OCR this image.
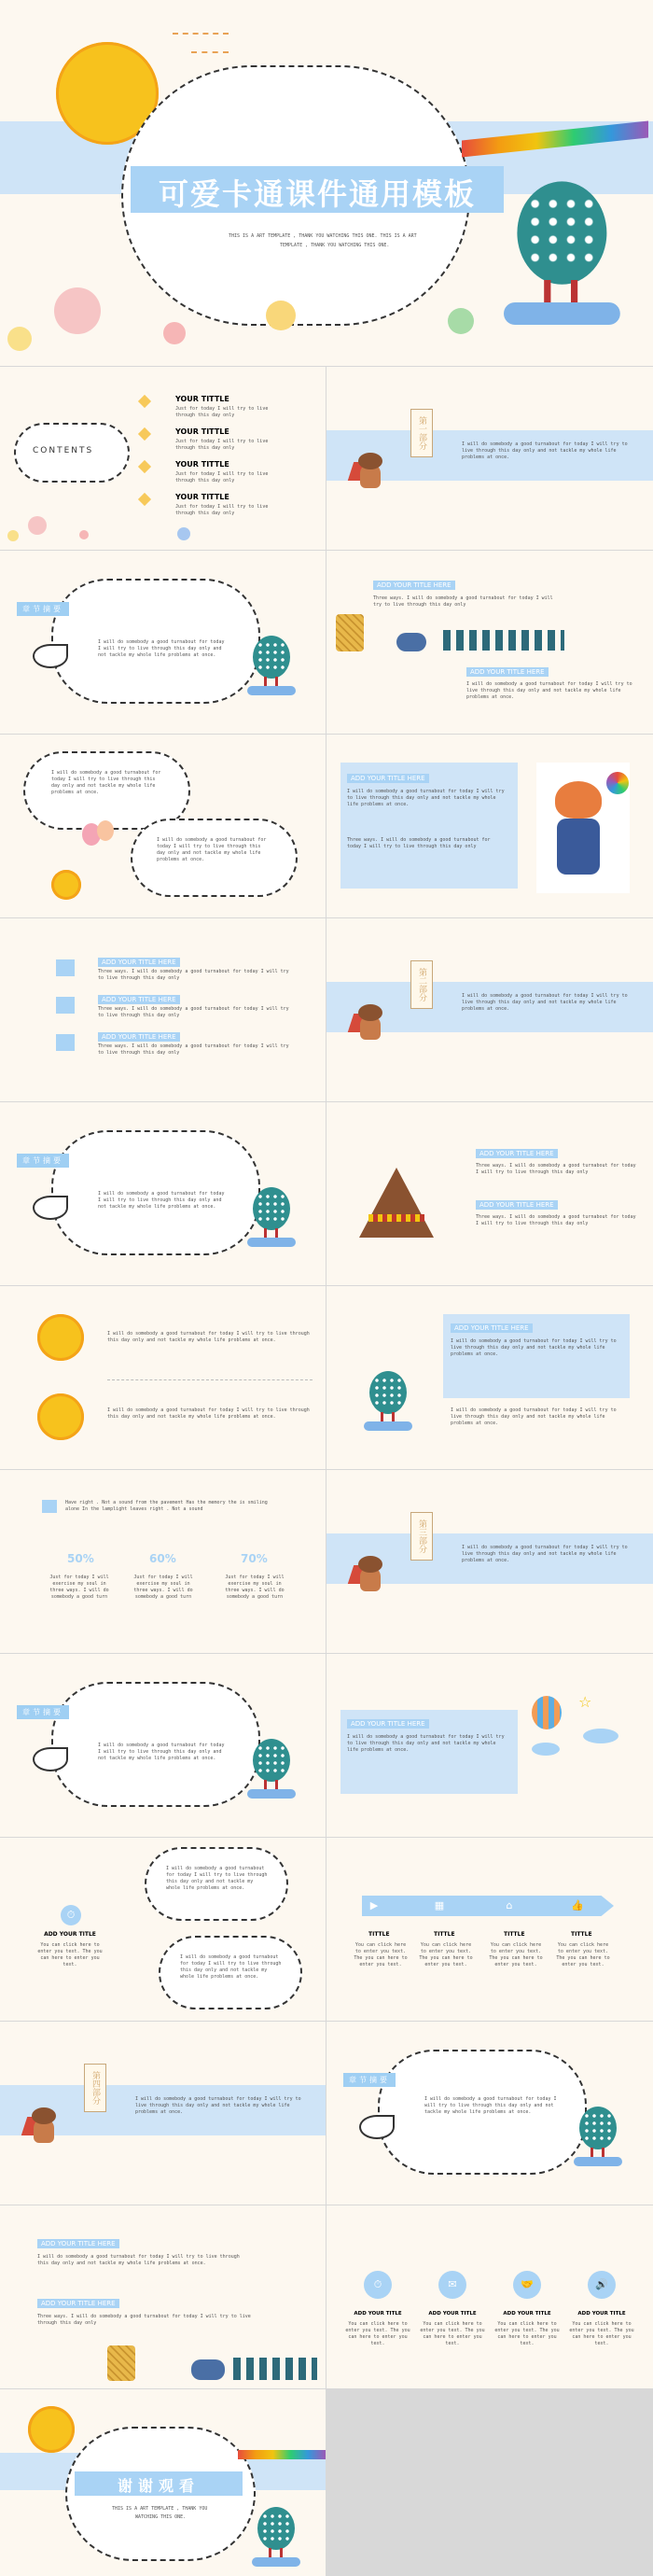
可爱卡通课件通用模板
THIS IS A ART TEMPLATE , THANK YOU WATCHING THIS ONE. THIS IS A ART
TEMPLATE , THANK YOU WATCHING THIS ONE.
CONTENTS
YOUR TITTLE
Just for today I will try to live through this day only
YOUR TITTLE
Just for today I will try to live through this day only
YOUR TITTLE
Just for today I will try to live through this day only
YOUR TITTLE
Just for today I will try to live through this day only
第一部分	I will do somebody a good turnabout for today I will try to live through this day only and not tackle my whole life problems at once.
章节摘要
I will do somebody a good turnabout for today I will try to live through this day only and not tackle my whole life problems at once.
ADD YOUR TITLE HERE
Three ways. I will do somebody a good turnabout for today I will try to live through this day only
ADD YOUR TITLE HERE
I will do somebody a good turnabout for today I will try to live through this day only and not tackle my whole life problems at once.
I will do somebody a good turnabout for today I will try to live through this day only and not tackle my whole life problems at once.
I will do somebody a good turnabout for today I will try to live through this day only and not tackle my whole life problems at once.
ADD YOUR TITLE HERE
I will do somebody a good turnabout for today I will try to live through this day only and not tackle my whole life problems at once.
Three ways. I will do somebody a good turnabout for today I will try to live through this day only
ADD YOUR TITLE HERE
Three ways. I will do somebody a good turnabout for today I will try to live through this day only
ADD YOUR TITLE HERE
Three ways. I will do somebody a good turnabout for today I will try to live through this day only
ADD YOUR TITLE HERE
Three ways. I will do somebody a good turnabout for today I will try to live through this day only
第二部分	I will do somebody a good turnabout for today I will try to live through this day only and not tackle my whole life problems at once.
章节摘要
I will do somebody a good turnabout for today I will try to live through this day only and not tackle my whole life problems at once.
ADD YOUR TITLE HERE
Three ways. I will do somebody a good turnabout for today I will try to live through this day only
ADD YOUR TITLE HERE
Three ways. I will do somebody a good turnabout for today I will try to live through this day only
I will do somebody a good turnabout for today I will try to live through this day only and not tackle my whole life problems at once.
I will do somebody a good turnabout for today I will try to live through this day only and not tackle my whole life problems at once.
ADD YOUR TITLE HERE
I will do somebody a good turnabout for today I will try to live through this day only and not tackle my whole life problems at once.
I will do somebody a good turnabout for today I will try to live through this day only and not tackle my whole life problems at once.
Have right . Not a sound from the pavement Has the memory the is smiling alone In the lamplight leaves right . Not a sound
50%	60%	70%
Just for today I will exercise my soul in three ways. I will do somebody a good turn
Just for today I will exercise my soul in three ways. I will do somebody a good turn
Just for today I will exercise my soul in three ways. I will do somebody a good turn
第三部分	I will do somebody a good turnabout for today I will try to live through this day only and not tackle my whole life problems at once.
章节摘要
I will do somebody a good turnabout for today I will try to live through this day only and not tackle my whole life problems at once.
ADD YOUR TITLE HERE
I will do somebody a good turnabout for today I will try to live through this day only and not tackle my whole life problems at once.
☆
⏱
ADD YOUR TITLE
You can click here to enter you text. The you can here to enter you text.
I will do somebody a good turnabout for today I will try to live through this day only and not tackle my whole life problems at once.
I will do somebody a good turnabout for today I will try to live through this day only and not tackle my whole life problems at once.
▶	▦	⌂	👍
TITTLE	TITTLE	TITTLE	TITTLE
You can click here to enter you text. The you can here to enter you text.
You can click here to enter you text. The you can here to enter you text.
You can click here to enter you text. The you can here to enter you text.
You can click here to enter you text. The you can here to enter you text.
第四部分	I will do somebody a good turnabout for today I will try to live through this day only and not tackle my whole life problems at once.
章节摘要
I will do somebody a good turnabout for today I will try to live through this day only and not tackle my whole life problems at once.
ADD YOUR TITLE HERE
I will do somebody a good turnabout for today I will try to live through this day only and not tackle my whole life problems at once.
ADD YOUR TITLE HERE
Three ways. I will do somebody a good turnabout for today I will try to live through this day only
⏱	✉	🤝	🔊
ADD YOUR TITLE	ADD YOUR TITLE	ADD YOUR TITLE	ADD YOUR TITLE
You can click here to enter you text. The you can here to enter you text.
You can click here to enter you text. The you can here to enter you text.
You can click here to enter you text. The you can here to enter you text.
You can click here to enter you text. The you can here to enter you text.
谢谢观看
THIS IS A ART TEMPLATE , THANK YOU
WATCHING THIS ONE.
